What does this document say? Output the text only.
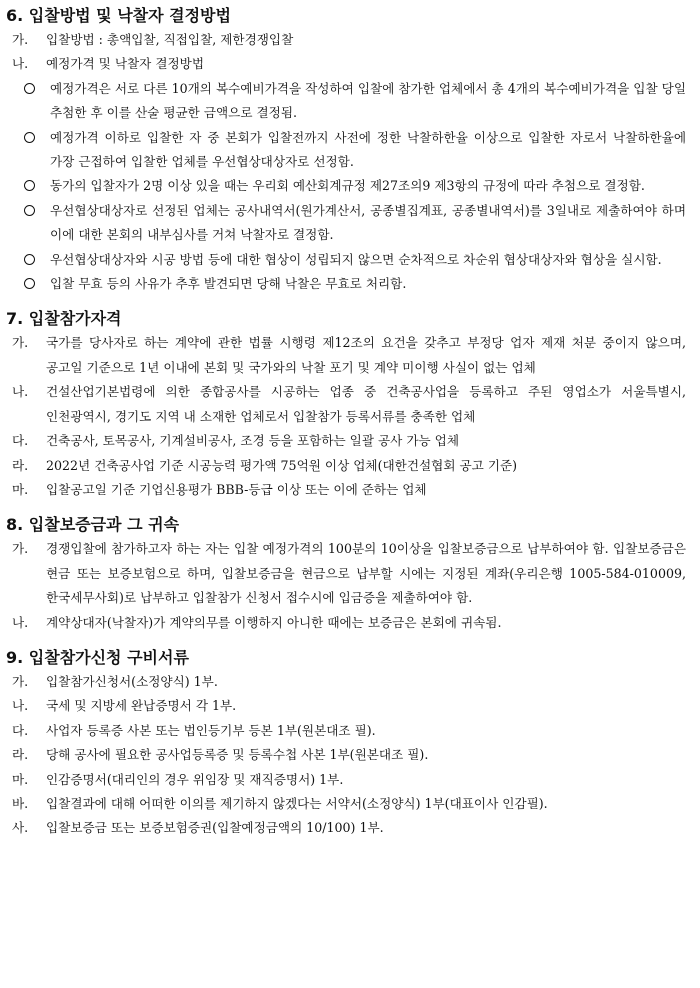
6. 입찰방법 및 낙찰자 결정방법
가.	입찰방법 : 총액입찰, 직접입찰, 제한경쟁입찰
나.	예정가격 및 낙찰자 결정방법
예정가격은 서로 다른 10개의 복수예비가격을 작성하여 입찰에 참가한 업체에서 총 4개의 복수예비가격을 입찰 당일 추첨한 후 이를 산술 평균한 금액으로 결정됨.
예정가격 이하로 입찰한 자 중 본회가 입찰전까지 사전에 정한 낙찰하한율 이상으로 입찰한 자로서 낙찰하한율에 가장 근접하여 입찰한 업체를 우선협상대상자로 선정함.
동가의 입찰자가 2명 이상 있을 때는 우리회 예산회계규정 제27조의9 제3항의 규정에 따라 추첨으로 결정함.
우선협상대상자로 선정된 업체는 공사내역서(원가계산서, 공종별집계표, 공종별내역서)를 3일내로 제출하여야 하며 이에 대한 본회의 내부심사를 거쳐 낙찰자로 결정함.
우선협상대상자와 시공 방법 등에 대한 협상이 성립되지 않으면 순차적으로 차순위 협상대상자와 협상을 실시함.
입찰 무효 등의 사유가 추후 발견되면 당해 낙찰은 무효로 처리함.
7. 입찰참가자격
가.	국가를 당사자로 하는 계약에 관한 법률 시행령 제12조의 요건을 갖추고 부정당 업자 제재 처분 중이지 않으며, 공고일 기준으로 1년 이내에 본회 및 국가와의 낙찰 포기 및 계약 미이행 사실이 없는 업체
나.	건설산업기본법령에 의한 종합공사를 시공하는 업종 중 건축공사업을 등록하고 주된 영업소가 서울특별시, 인천광역시, 경기도 지역 내 소재한 업체로서 입찰참가 등록서류를 충족한 업체
다.	건축공사, 토목공사, 기계설비공사, 조경 등을 포함하는 일괄 공사 가능 업체
라.	2022년 건축공사업 기준 시공능력 평가액 75억원 이상 업체(대한건설협회 공고 기준)
마.	입찰공고일 기준 기업신용평가 BBB-등급 이상 또는 이에 준하는 업체
8. 입찰보증금과 그 귀속
가.	경쟁입찰에 참가하고자 하는 자는 입찰 예정가격의 100분의 10이상을 입찰보증금으로 납부하여야 함. 입찰보증금은 현금 또는 보증보험으로 하며, 입찰보증금을 현금으로 납부할 시에는 지정된 계좌(우리은행 1005-584-010009, 한국세무사회)로 납부하고 입찰참가 신청서 접수시에 입금증을 제출하여야 함.
나.	계약상대자(낙찰자)가 계약의무를 이행하지 아니한 때에는 보증금은 본회에 귀속됨.
9. 입찰참가신청 구비서류
가.	입찰참가신청서(소정양식) 1부.
나.	국세 및 지방세 완납증명서 각 1부.
다.	사업자 등록증 사본 또는 법인등기부 등본 1부(원본대조 필).
라.	당해 공사에 필요한 공사업등록증 및 등록수첩 사본 1부(원본대조 필).
마.	인감증명서(대리인의 경우 위임장 및 재직증명서) 1부.
바.	입찰결과에 대해 어떠한 이의를 제기하지 않겠다는 서약서(소정양식) 1부(대표이사 인감필).
사.	입찰보증금 또는 보증보험증권(입찰예정금액의 10/100) 1부.
